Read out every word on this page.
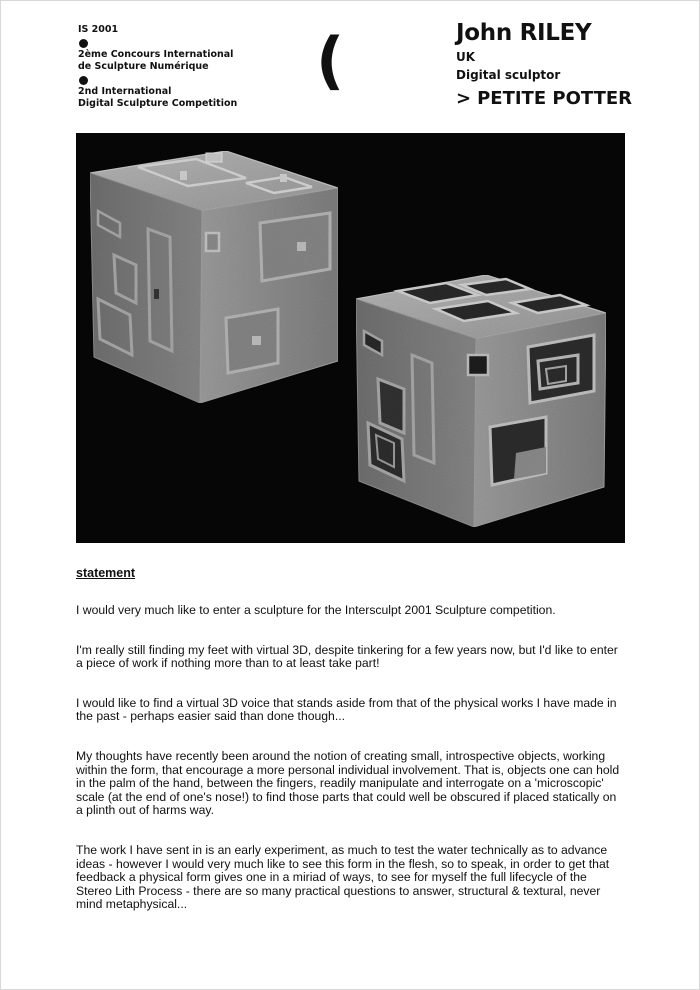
IS 2001
2ème Concours International
de Sculpture Numérique
2nd International
Digital Sculpture Competition
(	John RILEY
UK
Digital sculptor
> PETITE POTTER
statement

I would very much like to enter a sculpture for the Intersculpt 2001 Sculpture competition.

I'm really still finding my feet with virtual 3D, despite tinkering for a few years now, but I'd like to enter a piece of work if nothing more than to at least take part!

I would like to find a virtual 3D voice that stands aside from that of the physical works I have made in the past - perhaps easier said than done though...

My thoughts have recently been around the notion of creating small, introspective objects, working within the form, that encourage a more personal individual involvement. That is, objects one can hold in the palm of the hand, between the fingers, readily manipulate and interrogate on a 'microscopic' scale (at the end of one's nose!) to find those parts that could well be obscured if placed statically on a plinth out of harms way.

The work I have sent in is an early experiment, as much to test the water technically as to advance ideas - however I would very much like to see this form in the flesh, so to speak, in order to get that feedback a physical form gives one in a miriad of ways, to see for myself the full lifecycle of the Stereo Lith Process - there are so many practical questions to answer, structural & textural, never mind metaphysical...
